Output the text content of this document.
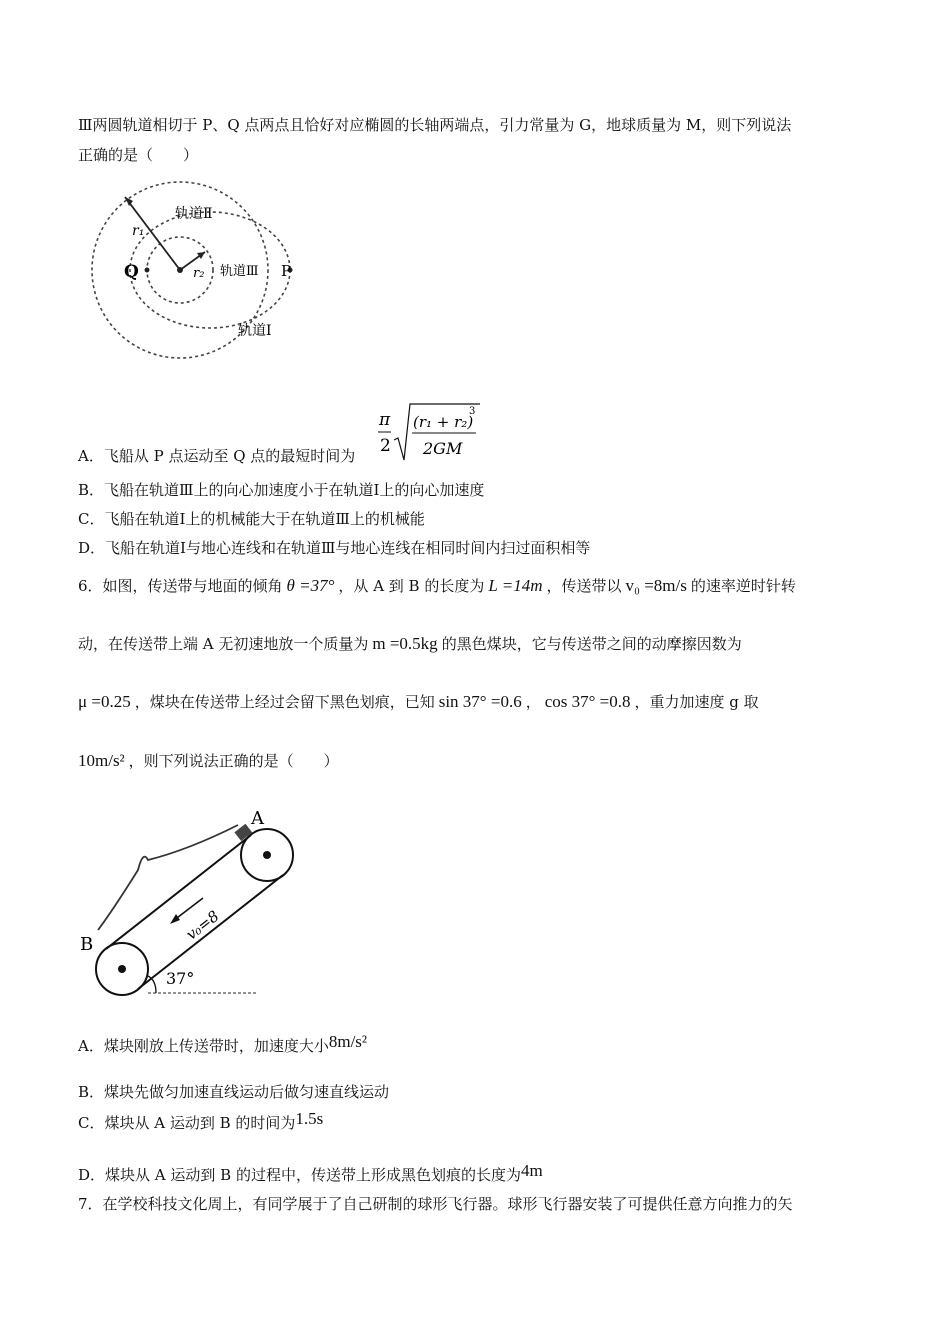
Ⅲ两圆轨道相切于 P、Q 点两点且恰好对应椭圆的长轴两端点，引力常量为 G，地球质量为 M，则下列说法
正确的是（　　）
r₁
r₂
Q	P
轨道Ⅱ
轨道Ⅲ
轨道Ⅰ
A．飞船从 P 点运动至 Q 点的最短时间为
π
2
(r₁ + r₂)
3
2GM
B．飞船在轨道Ⅲ上的向心加速度小于在轨道Ⅰ上的向心加速度
C．飞船在轨道Ⅰ上的机械能大于在轨道Ⅲ上的机械能
D．飞船在轨道Ⅰ与地心连线和在轨道Ⅲ与地心连线在相同时间内扫过面积相等
6．如图，传送带与地面的倾角 θ =37° ，从 A 到 B 的长度为 L =14m ，传送带以 v₀ =8m/s 的速率逆时针转
动，在传送带上端 A 无初速地放一个质量为 m =0.5kg 的黑色煤块，它与传送带之间的动摩擦因数为
μ =0.25 ，煤块在传送带上经过会留下黑色划痕，已知 sin 37° =0.6 ， cos 37° =0.8 ，重力加速度 g 取
10m/s² ，则下列说法正确的是（　　）
v₀=8
37°
A
B
A．煤块刚放上传送带时，加速度大小8m/s²
B．煤块先做匀加速直线运动后做匀速直线运动
C．煤块从 A 运动到 B 的时间为1.5s
D．煤块从 A 运动到 B 的过程中，传送带上形成黑色划痕的长度为4m
7．在学校科技文化周上，有同学展于了自己研制的球形飞行器。球形飞行器安装了可提供任意方向推力的矢
